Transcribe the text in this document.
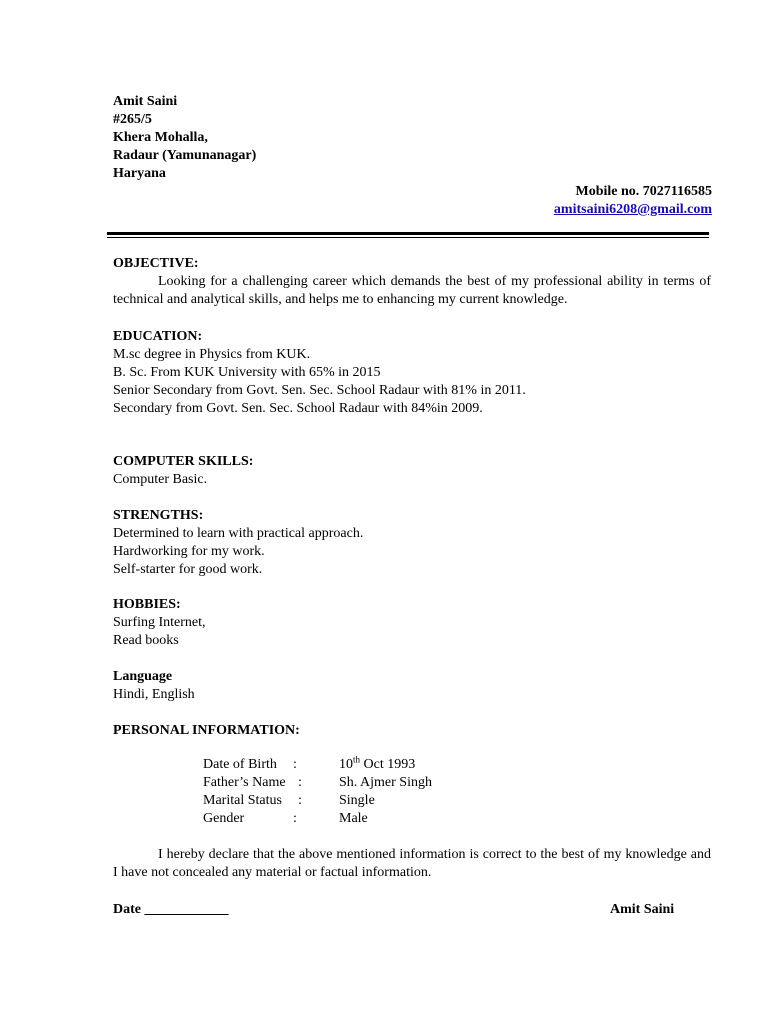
Amit Saini
#265/5
Khera Mohalla,
Radaur (Yamunanagar)
Haryana
Mobile no. 7027116585
amitsaini6208@gmail.com
OBJECTIVE:
Looking for a challenging career which demands the best of my professional ability in terms of technical and analytical skills, and helps me to enhancing my current knowledge.
EDUCATION:
M.sc degree in Physics from KUK.
B. Sc. From KUK University with 65% in 2015
Senior Secondary from Govt. Sen. Sec. School Radaur with 81% in 2011.
Secondary from Govt. Sen. Sec. School Radaur with 84%in 2009.
COMPUTER SKILLS:
Computer Basic.
STRENGTHS:
Determined to learn with practical approach.
Hardworking for my work.
Self-starter for good work.
HOBBIES:
Surfing Internet,
Read books
Language
Hindi, English
PERSONAL INFORMATION:
Date of Birth :	10th Oct 1993
Father’s Name :	Sh. Ajmer Singh
Marital Status :	Single
Gender	:	Male
I hereby declare that the above mentioned information is correct to the best of my knowledge and I have not concealed any material or factual information.
Date ____________	Amit Saini
